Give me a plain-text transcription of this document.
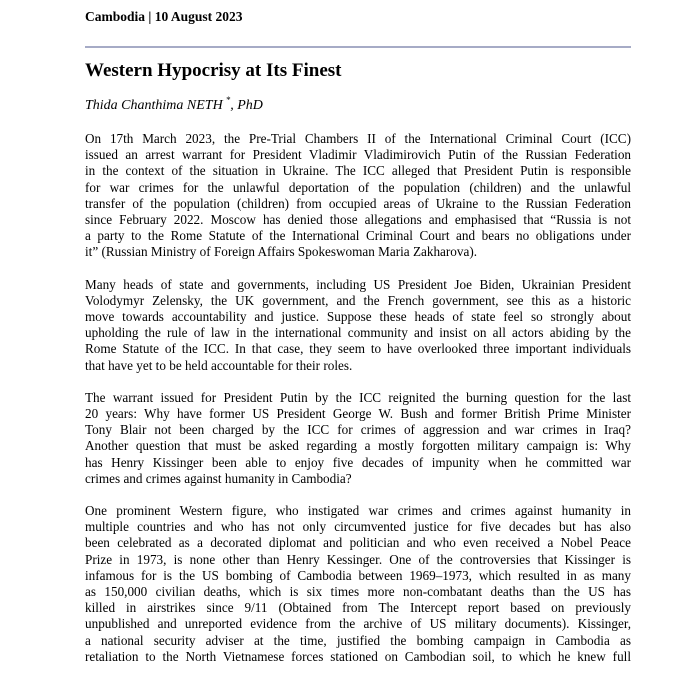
Cambodia | 10 August 2023
Western Hypocrisy at Its Finest
Thida Chanthima NETH *, PhD
On 17th March 2023, the Pre-Trial Chambers II of the International Criminal Court (ICC)
issued an arrest warrant for President Vladimir Vladimirovich Putin of the Russian Federation
in the context of the situation in Ukraine. The ICC alleged that President Putin is responsible
for war crimes for the unlawful deportation of the population (children) and the unlawful
transfer of the population (children) from occupied areas of Ukraine to the Russian Federation
since February 2022. Moscow has denied those allegations and emphasised that “Russia is not
a party to the Rome Statute of the International Criminal Court and bears no obligations under
it” (Russian Ministry of Foreign Affairs Spokeswoman Maria Zakharova).
Many heads of state and governments, including US President Joe Biden, Ukrainian President
Volodymyr Zelensky, the UK government, and the French government, see this as a historic
move towards accountability and justice. Suppose these heads of state feel so strongly about
upholding the rule of law in the international community and insist on all actors abiding by the
Rome Statute of the ICC. In that case, they seem to have overlooked three important individuals
that have yet to be held accountable for their roles.
The warrant issued for President Putin by the ICC reignited the burning question for the last
20 years: Why have former US President George W. Bush and former British Prime Minister
Tony Blair not been charged by the ICC for crimes of aggression and war crimes in Iraq?
Another question that must be asked regarding a mostly forgotten military campaign is: Why
has Henry Kissinger been able to enjoy five decades of impunity when he committed war
crimes and crimes against humanity in Cambodia?
One prominent Western figure, who instigated war crimes and crimes against humanity in
multiple countries and who has not only circumvented justice for five decades but has also
been celebrated as a decorated diplomat and politician and who even received a Nobel Peace
Prize in 1973, is none other than Henry Kessinger. One of the controversies that Kissinger is
infamous for is the US bombing of Cambodia between 1969–1973, which resulted in as many
as 150,000 civilian deaths, which is six times more non-combatant deaths than the US has
killed in airstrikes since 9/11 (Obtained from The Intercept report based on previously
unpublished and unreported evidence from the archive of US military documents). Kissinger,
a national security adviser at the time, justified the bombing campaign in Cambodia as
retaliation to the North Vietnamese forces stationed on Cambodian soil, to which he knew full
